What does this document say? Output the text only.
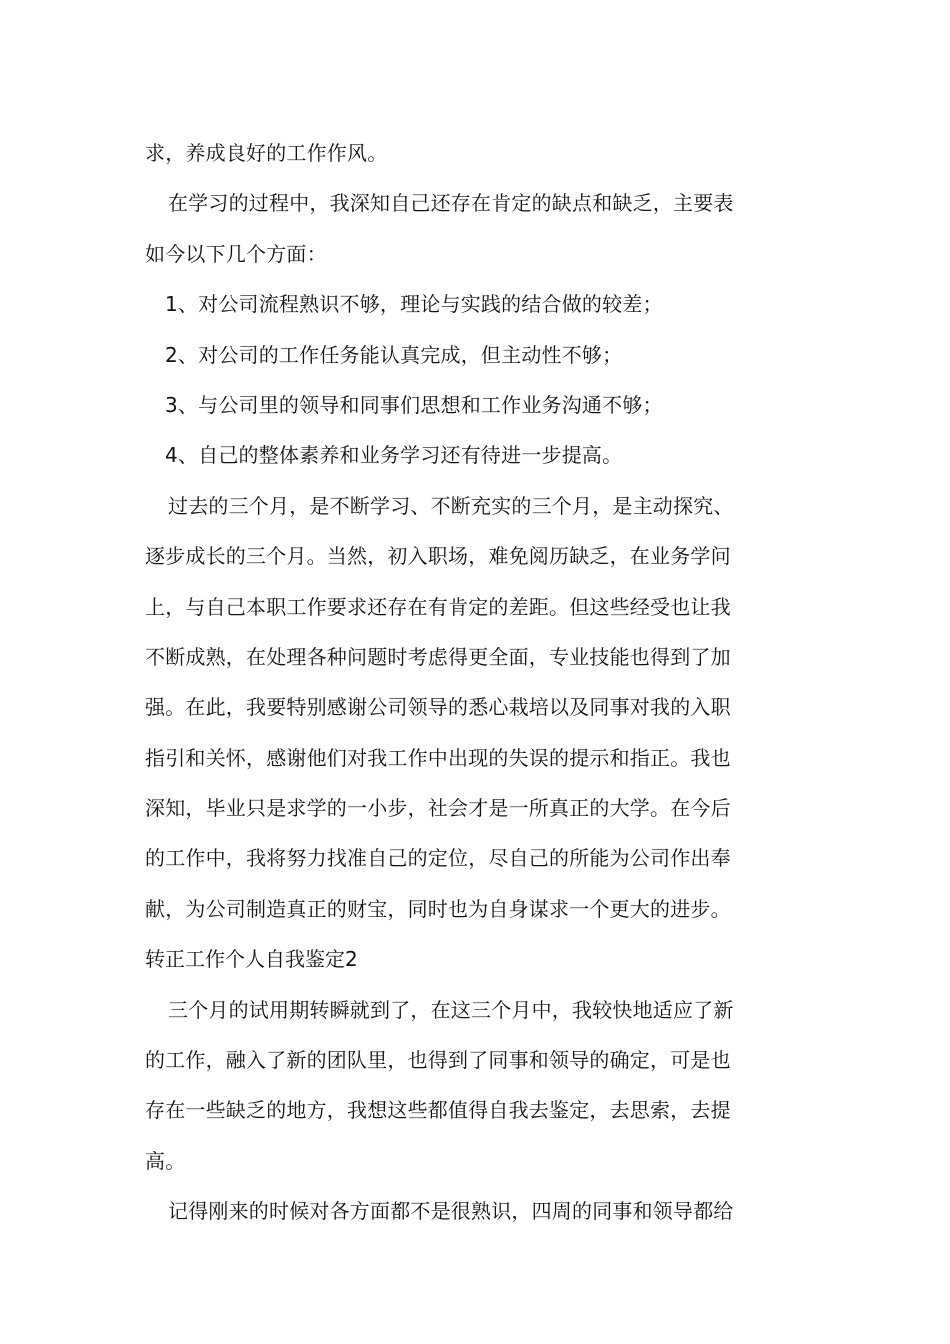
求，养成良好的工作作风。
在学习的过程中，我深知自己还存在肯定的缺点和缺乏，主要表
如今以下几个方面：
1、对公司流程熟识不够，理论与实践的结合做的较差；
2、对公司的工作任务能认真完成，但主动性不够；
3、与公司里的领导和同事们思想和工作业务沟通不够；
4、自己的整体素养和业务学习还有待进一步提高。
过去的三个月，是不断学习、不断充实的三个月，是主动探究、
逐步成长的三个月。当然，初入职场，难免阅历缺乏，在业务学问
上，与自己本职工作要求还存在有肯定的差距。但这些经受也让我
不断成熟，在处理各种问题时考虑得更全面，专业技能也得到了加
强。在此，我要特别感谢公司领导的悉心栽培以及同事对我的入职
指引和关怀，感谢他们对我工作中出现的失误的提示和指正。我也
深知，毕业只是求学的一小步，社会才是一所真正的大学。在今后
的工作中，我将努力找准自己的定位，尽自己的所能为公司作出奉
献，为公司制造真正的财宝，同时也为自身谋求一个更大的进步。
转正工作个人自我鉴定2
三个月的试用期转瞬就到了，在这三个月中，我较快地适应了新
的工作，融入了新的团队里，也得到了同事和领导的确定，可是也
存在一些缺乏的地方，我想这些都值得自我去鉴定，去思索，去提
高。
记得刚来的时候对各方面都不是很熟识，四周的同事和领导都给
